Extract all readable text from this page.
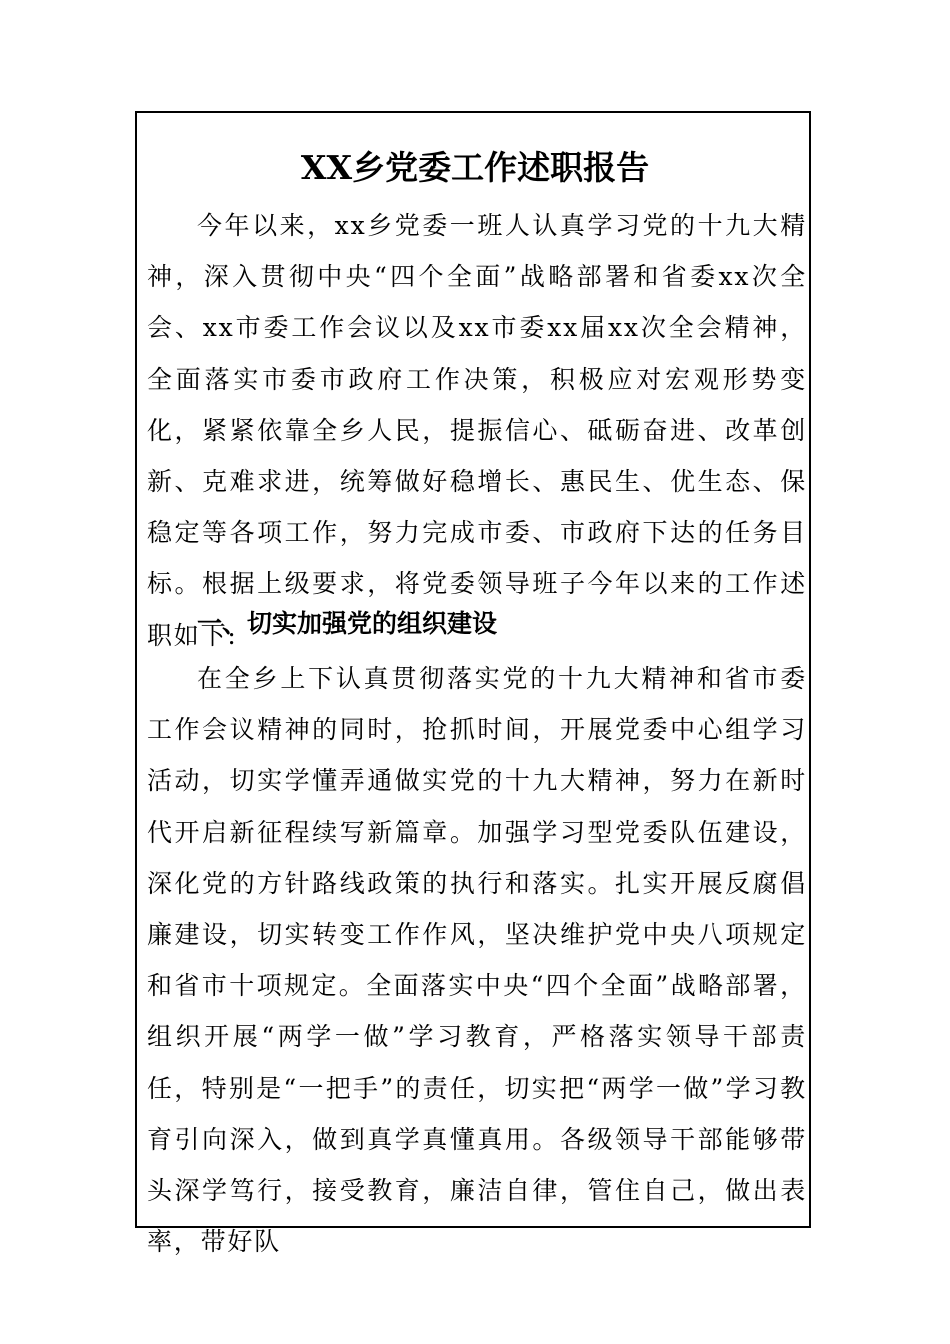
XX乡党委工作述职报告

今年以来，xx乡党委一班人认真学习党的十九大精神，深入贯彻中央“四个全面”战略部署和省委xx次全会、xx市委工作会议以及xx市委xx届xx次全会精神，全面落实市委市政府工作决策，积极应对宏观形势变化，紧紧依靠全乡人民，提振信心、砥砺奋进、改革创新、克难求进，统筹做好稳增长、惠民生、优生态、保稳定等各项工作，努力完成市委、市政府下达的任务目标。根据上级要求，将党委领导班子今年以来的工作述职如下:

一、切实加强党的组织建设

在全乡上下认真贯彻落实党的十九大精神和省市委工作会议精神的同时，抢抓时间，开展党委中心组学习活动，切实学懂弄通做实党的十九大精神，努力在新时代开启新征程续写新篇章。加强学习型党委队伍建设，深化党的方针路线政策的执行和落实。扎实开展反腐倡廉建设，切实转变工作作风，坚决维护党中央八项规定和省市十项规定。全面落实中央“四个全面”战略部署，组织开展“两学一做”学习教育，严格落实领导干部责任，特别是“一把手”的责任，切实把“两学一做”学习教育引向深入，做到真学真懂真用。各级领导干部能够带头深学笃行，接受教育，廉洁自律，管住自己，做出表率，带好队
